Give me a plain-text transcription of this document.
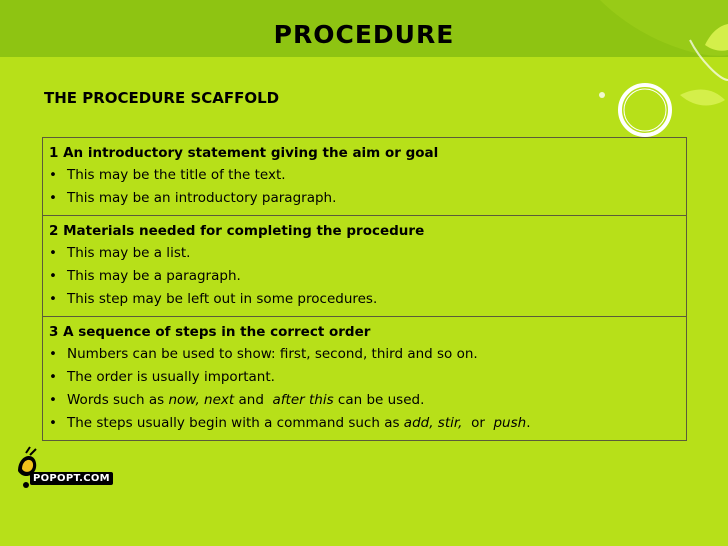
PROCEDURE
THE PROCEDURE SCAFFOLD
1 An introductory statement giving the aim or goal
• This may be the title of the text.
• This may be an introductory paragraph.
2 Materials needed for completing the procedure
• This may be a list.
• This may be a paragraph.
• This step may be left out in some procedures.
3 A sequence of steps in the correct order
• Numbers can be used to show: first, second, third and so on.
• The order is usually important.
• Words such as now, next and  after this can be used.
• The steps usually begin with a command such as add, stir,  or  push.
POPOPT.COM
